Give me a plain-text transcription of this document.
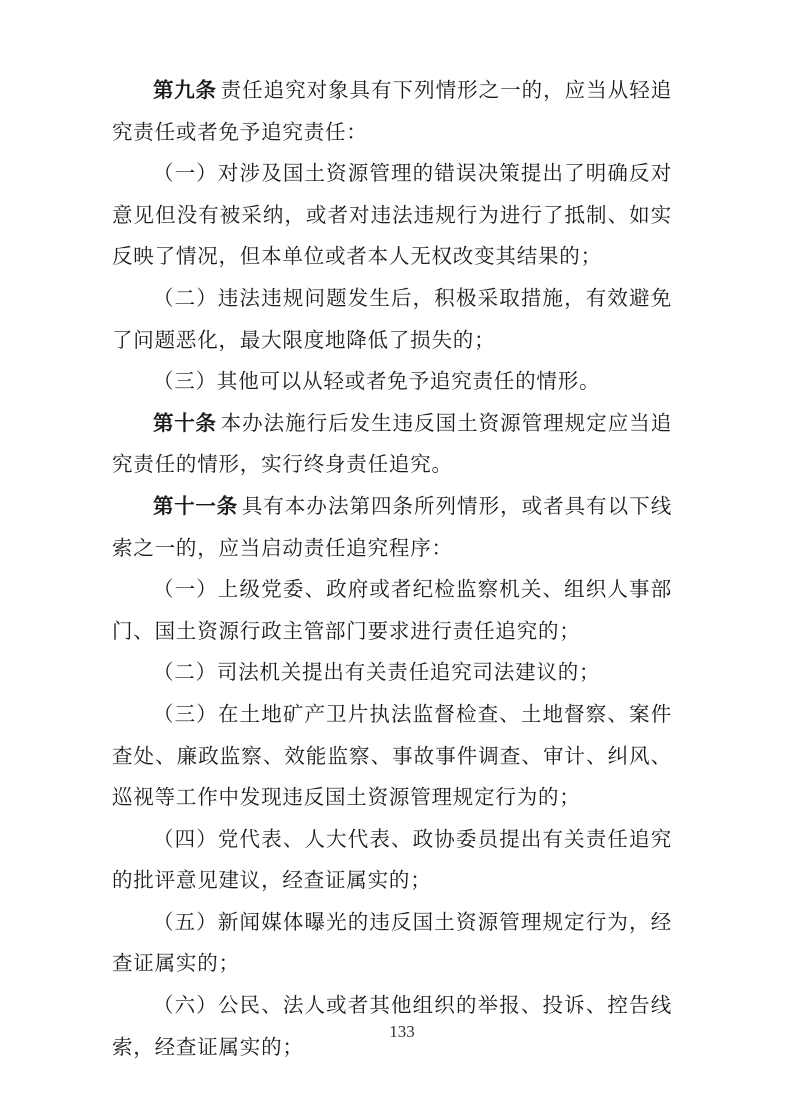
第九条 责任追究对象具有下列情形之一的，应当从轻追究责任或者免予追究责任：

（一）对涉及国土资源管理的错误决策提出了明确反对意见但没有被采纳，或者对违法违规行为进行了抵制、如实反映了情况，但本单位或者本人无权改变其结果的；

（二）违法违规问题发生后，积极采取措施，有效避免了问题恶化，最大限度地降低了损失的；

（三）其他可以从轻或者免予追究责任的情形。

第十条 本办法施行后发生违反国土资源管理规定应当追究责任的情形，实行终身责任追究。

第十一条 具有本办法第四条所列情形，或者具有以下线索之一的，应当启动责任追究程序：

（一）上级党委、政府或者纪检监察机关、组织人事部门、国土资源行政主管部门要求进行责任追究的；

（二）司法机关提出有关责任追究司法建议的；

（三）在土地矿产卫片执法监督检查、土地督察、案件查处、廉政监察、效能监察、事故事件调查、审计、纠风、巡视等工作中发现违反国土资源管理规定行为的；

（四）党代表、人大代表、政协委员提出有关责任追究的批评意见建议，经查证属实的；

（五）新闻媒体曝光的违反国土资源管理规定行为，经查证属实的；

（六）公民、法人或者其他组织的举报、投诉、控告线索，经查证属实的；

133
